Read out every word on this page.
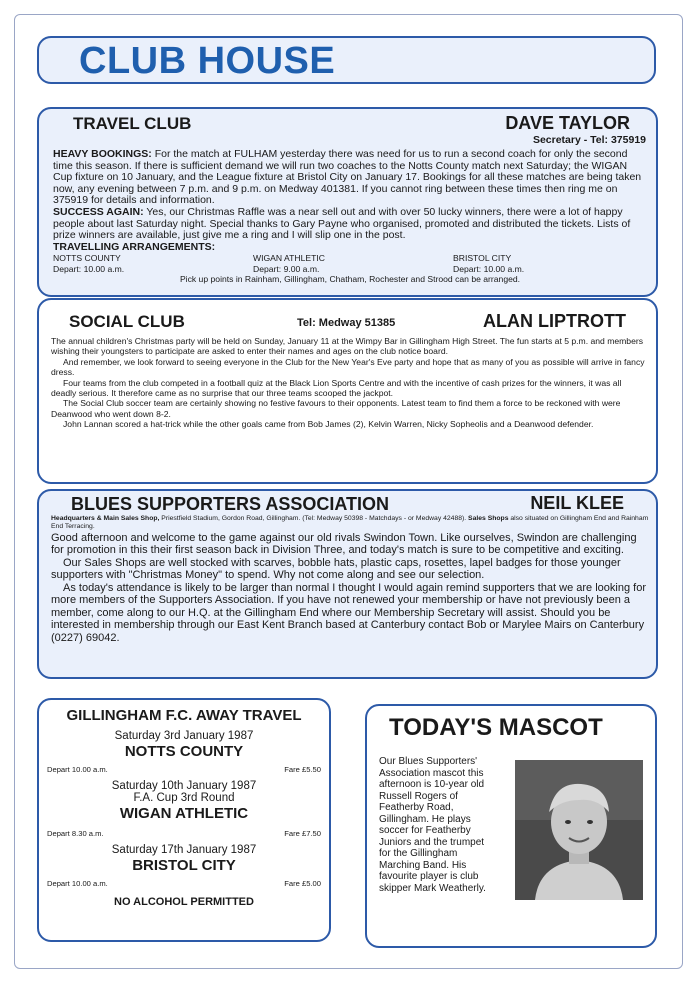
CLUB HOUSE
TRAVEL CLUB	DAVE TAYLOR
Secretary - Tel: 375919

HEAVY BOOKINGS: For the match at FULHAM yesterday there was need for us to run a second coach for only the second time this season. If there is sufficient demand we will run two coaches to the Notts County match next Saturday; the WIGAN Cup fixture on 10 January, and the League fixture at Bristol City on January 17. Bookings for all these matches are being taken now, any evening between 7 p.m. and 9 p.m. on Medway 401381. If you cannot ring between these times then ring me on 375919 for details and information.

SUCCESS AGAIN: Yes, our Christmas Raffle was a near sell out and with over 50 lucky winners, there were a lot of happy people about last Saturday night. Special thanks to Gary Payne who organised, promoted and distributed the tickets. Lists of prize winners are available, just give me a ring and I will slip one in the post.

TRAVELLING ARRANGEMENTS:

NOTTS COUNTY
Depart: 10.00 a.m.
WIGAN ATHLETIC
Depart: 9.00 a.m.
BRISTOL CITY
Depart: 10.00 a.m.
Pick up points in Rainham, Gillingham, Chatham, Rochester and Strood can be arranged.
SOCIAL CLUB	Tel: Medway 51385	ALAN LIPTROTT

The annual children's Christmas party will be held on Sunday, January 11 at the Wimpy Bar in Gillingham High Street. The fun starts at 5 p.m. and members wishing their youngsters to participate are asked to enter their names and ages on the club notice board.

And remember, we look forward to seeing everyone in the Club for the New Year's Eve party and hope that as many of you as possible will arrive in fancy dress.

Four teams from the club competed in a football quiz at the Black Lion Sports Centre and with the incentive of cash prizes for the winners, it was all deadly serious. It therefore came as no surprise that our three teams scooped the jackpot.

The Social Club soccer team are certainly showing no festive favours to their opponents. Latest team to find them a force to be reckoned with were Deanwood who went down 8-2.

John Lannan scored a hat-trick while the other goals came from Bob James (2), Kelvin Warren, Nicky Sopheolis and a Deanwood defender.

BLUES SUPPORTERS ASSOCIATION	NEIL KLEE

Headquarters & Main Sales Shop, Priestfield Stadium, Gordon Road, Gillingham. (Tel: Medway 50398 - Matchdays - or Medway 42488). Sales Shops also situated on Gillingham End and Rainham End Terracing.

Good afternoon and welcome to the game against our old rivals Swindon Town. Like ourselves, Swindon are challenging for promotion in this their first season back in Division Three, and today's match is sure to be competitive and exciting.

Our Sales Shops are well stocked with scarves, bobble hats, plastic caps, rosettes, lapel badges for those younger supporters with "Christmas Money" to spend. Why not come along and see our selection.

As today's attendance is likely to be larger than normal I thought I would again remind supporters that we are looking for more members of the Supporters Association. If you have not renewed your membership or have not previously been a member, come along to our H.Q. at the Gillingham End where our Membership Secretary will assist. Should you be interested in membership through our East Kent Branch based at Canterbury contact Bob or Marylee Mairs on Canterbury (0227) 69042.

GILLINGHAM F.C. AWAY TRAVEL
Saturday 3rd January 1987
NOTTS COUNTY
Depart 10.00 a.m.	Fare £5.50
Saturday 10th January 1987
F.A. Cup 3rd Round
WIGAN ATHLETIC
Depart 8.30 a.m.	Fare £7.50
Saturday 17th January 1987
BRISTOL CITY
Depart 10.00 a.m.	Fare £5.00
NO ALCOHOL PERMITTED
TODAY'S MASCOT
Our Blues Supporters' Association mascot this afternoon is 10-year old Russell Rogers of Featherby Road, Gillingham. He plays soccer for Featherby Juniors and the trumpet for the Gillingham Marching Band. His favourite player is club skipper Mark Weatherly.
